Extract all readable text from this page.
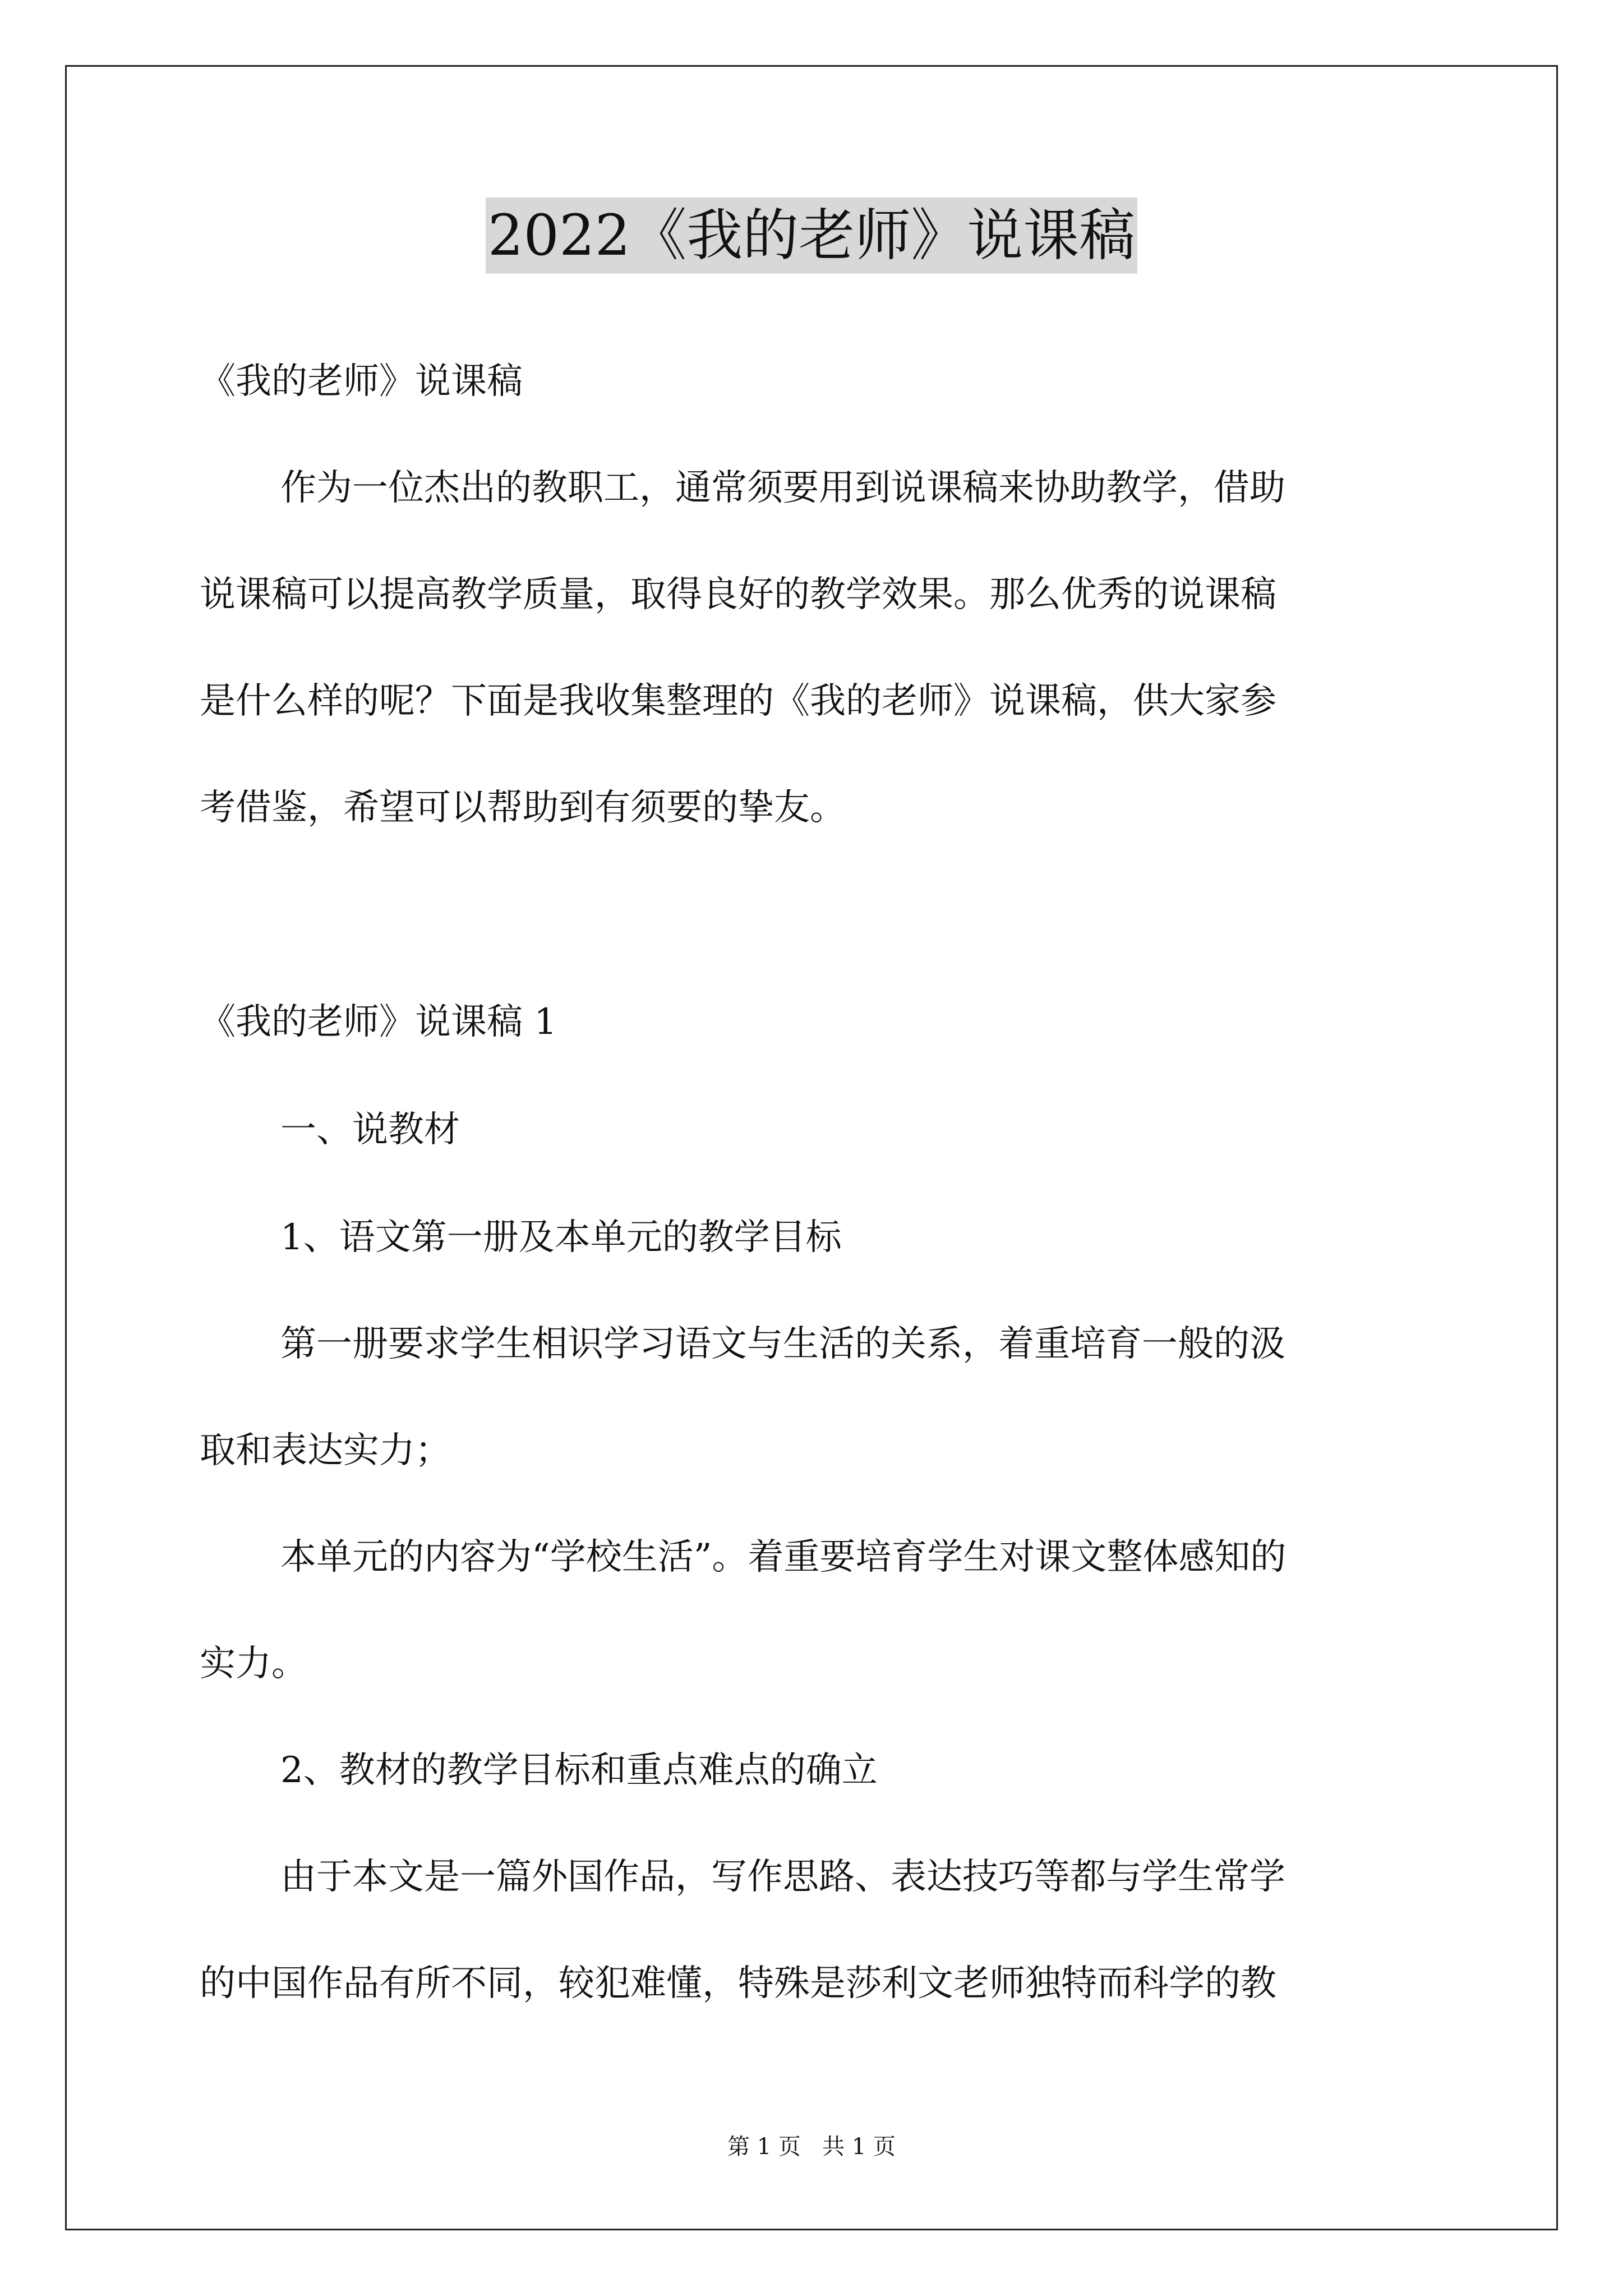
2022《我的老师》说课稿
《我的老师》说课稿
作为一位杰出的教职工，通常须要用到说课稿来协助教学，借助
说课稿可以提高教学质量，取得良好的教学效果。那么优秀的说课稿
是什么样的呢？下面是我收集整理的《我的老师》说课稿，供大家参
考借鉴，希望可以帮助到有须要的挚友。
《我的老师》说课稿 1
一、说教材
1、语文第一册及本单元的教学目标
第一册要求学生相识学习语文与生活的关系，着重培育一般的汲
取和表达实力；
本单元的内容为“学校生活”。着重要培育学生对课文整体感知的
实力。
2、教材的教学目标和重点难点的确立
由于本文是一篇外国作品，写作思路、表达技巧等都与学生常学
的中国作品有所不同，较犯难懂，特殊是莎利文老师独特而科学的教
第 1 页   共 1 页
